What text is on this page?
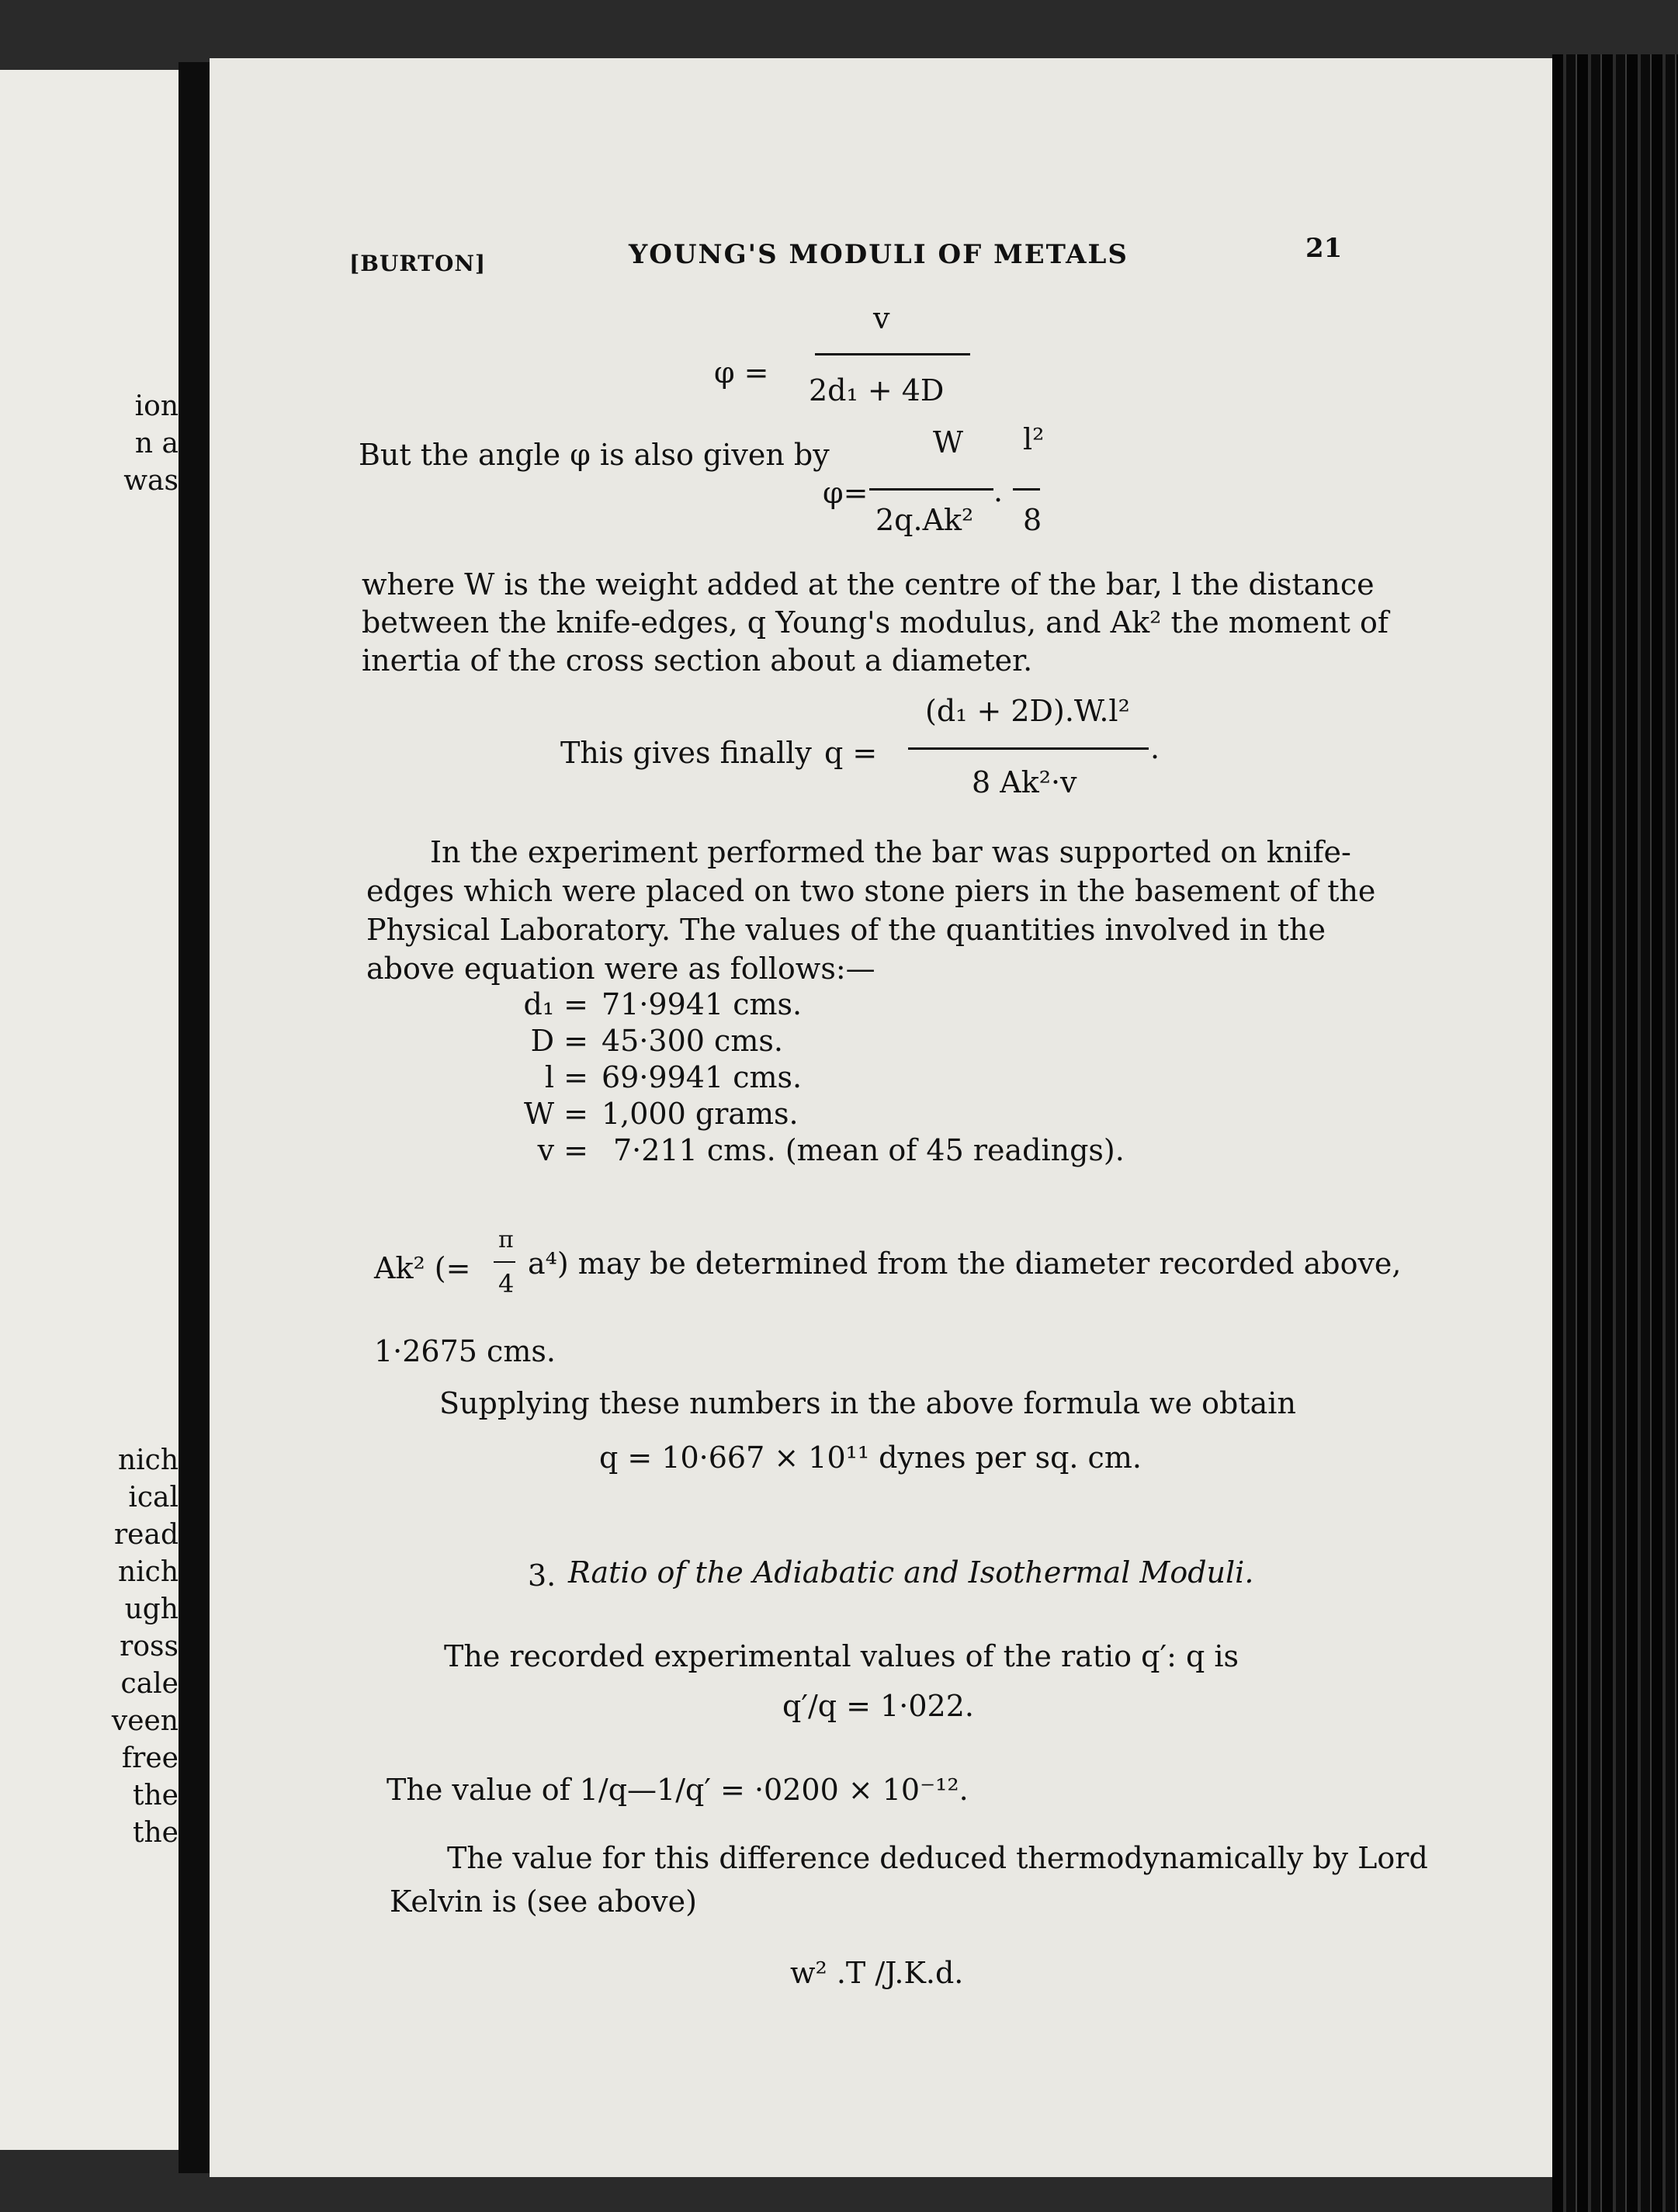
ion
n a
was
nich
ical
read
nich
ugh
ross
cale
veen
free
the
the
[BURTON]	YOUNG'S MODULI OF METALS	21
φ =
v
2d₁ + 4D
But the angle φ is also given by
φ=
W l²
.
2q.Ak² 8
where W is the weight added at the centre of the bar, l the distance
between the knife-edges, q Young's modulus, and Ak² the moment of
inertia of the cross section about a diameter.
This gives finally q =
(d₁ + 2D).W.l²
.
8 Ak²·v
In the experiment performed the bar was supported on knife-
edges which were placed on two stone piers in the basement of the
Physical Laboratory. The values of the quantities involved in the
above equation were as follows:—
d₁ = 71·9941 cms.
D = 45·300 cms.
l = 69·9941 cms.
W = 1,000 grams.
v = 7·211 cms. (mean of 45 readings).
Ak² (=
π
4
a⁴) may be determined from the diameter recorded above,
1·2675 cms.
Supplying these numbers in the above formula we obtain
q = 10·667 × 10¹¹ dynes per sq. cm.
3. Ratio of the Adiabatic and Isothermal Moduli.
The recorded experimental values of the ratio q′: q is
q′/q = 1·022.
The value of 1/q—1/q′ = ·0200 × 10⁻¹².
The value for this difference deduced thermodynamically by Lord
Kelvin is (see above)
w² .T /J.K.d.
